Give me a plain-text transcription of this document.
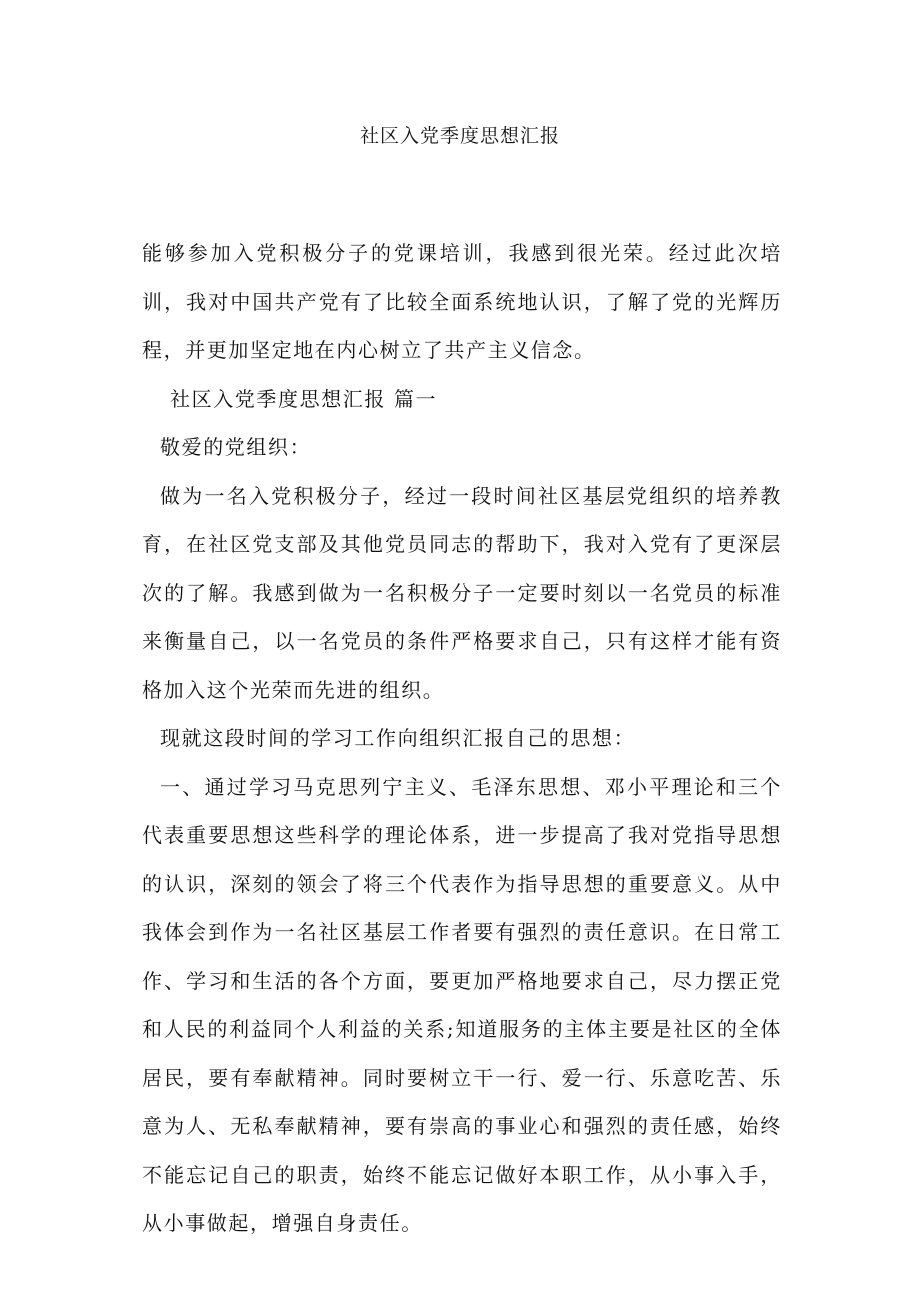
社区入党季度思想汇报

能够参加入党积极分子的党课培训，我感到很光荣。经过此次培训，我对中国共产党有了比较全面系统地认识，了解了党的光辉历程，并更加坚定地在内心树立了共产主义信念。

社区入党季度思想汇报 篇一

敬爱的党组织：

做为一名入党积极分子，经过一段时间社区基层党组织的培养教育，在社区党支部及其他党员同志的帮助下，我对入党有了更深层次的了解。我感到做为一名积极分子一定要时刻以一名党员的标准来衡量自己，以一名党员的条件严格要求自己，只有这样才能有资格加入这个光荣而先进的组织。

现就这段时间的学习工作向组织汇报自己的思想：

一、通过学习马克思列宁主义、毛泽东思想、邓小平理论和三个代表重要思想这些科学的理论体系，进一步提高了我对党指导思想的认识，深刻的领会了将三个代表作为指导思想的重要意义。从中我体会到作为一名社区基层工作者要有强烈的责任意识。在日常工作、学习和生活的各个方面，要更加严格地要求自己，尽力摆正党和人民的利益同个人利益的关系;知道服务的主体主要是社区的全体居民，要有奉献精神。同时要树立干一行、爱一行、乐意吃苦、乐意为人、无私奉献精神，要有崇高的事业心和强烈的责任感，始终不能忘记自己的职责，始终不能忘记做好本职工作，从小事入手，从小事做起，增强自身责任。
